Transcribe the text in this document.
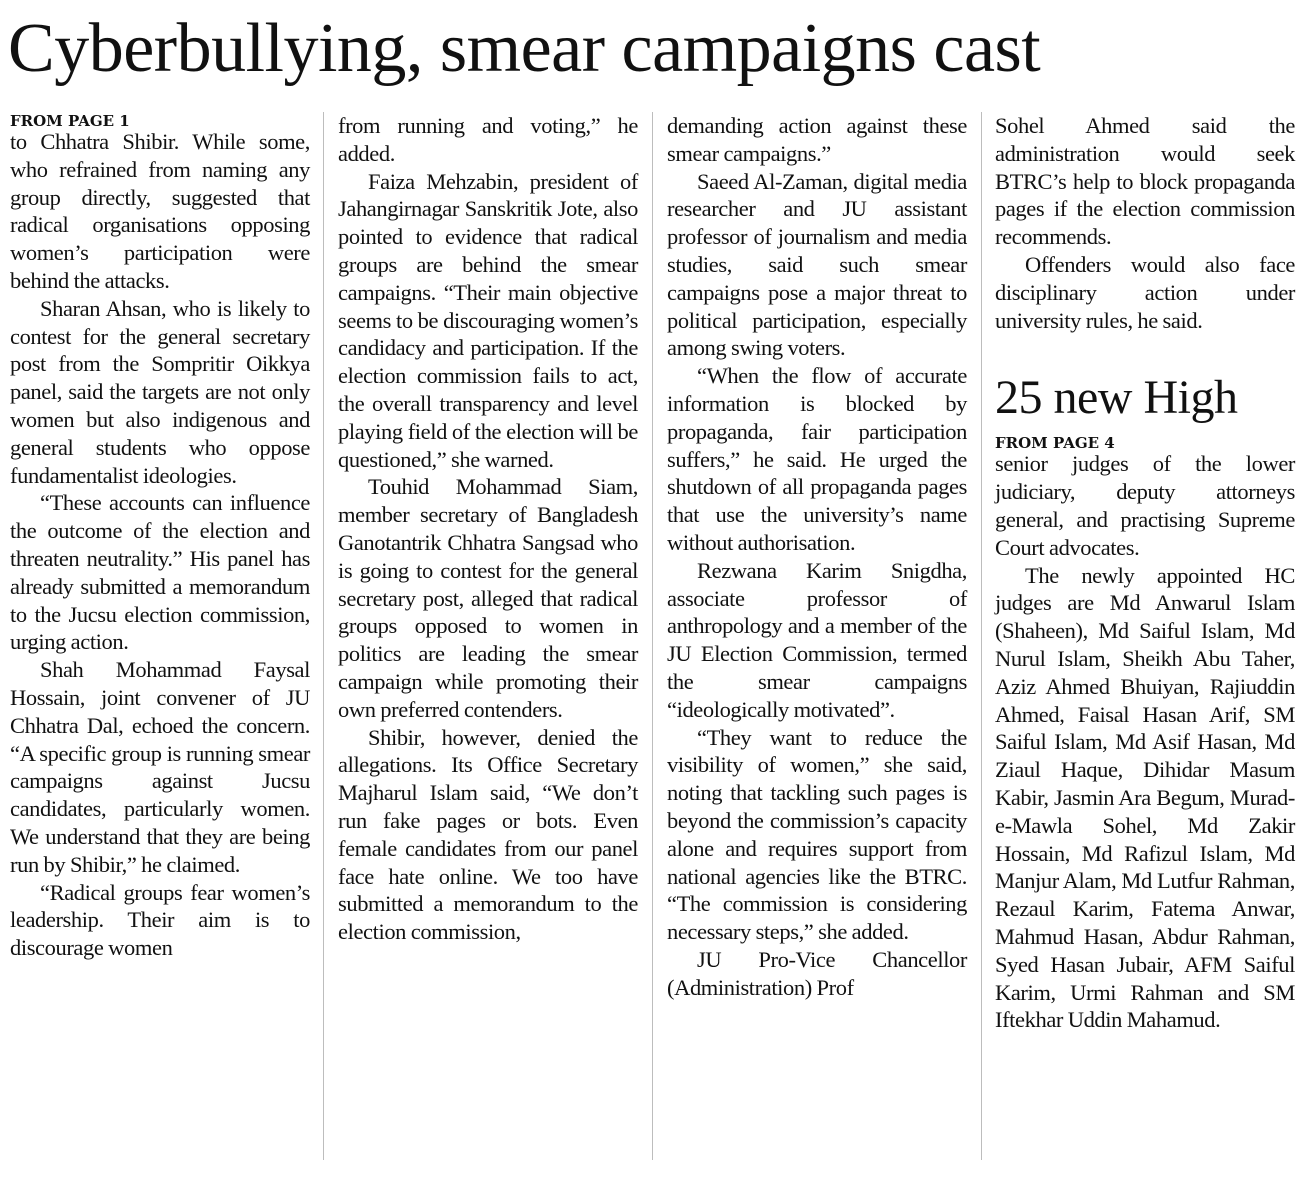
Cyberbullying, smear campaigns cast
FROM PAGE 1

to Chhatra Shibir. While some, who refrained from naming any group directly, suggested that radical organisations opposing women’s participation were behind the attacks.

Sharan Ahsan, who is likely to contest for the general secretary post from the Sompritir Oikkya panel, said the targets are not only women but also indigenous and general students who oppose fundamentalist ideologies.

“These accounts can influence the outcome of the election and threaten neutrality.” His panel has already submitted a memorandum to the Jucsu election commission, urging action.

Shah Mohammad Faysal Hossain, joint convener of JU Chhatra Dal, echoed the concern. “A specific group is running smear campaigns against Jucsu candidates, particularly women. We understand that they are being run by Shibir,” he claimed.

“Radical groups fear women’s leadership. Their aim is to discourage women

from running and voting,” he added.

Faiza Mehzabin, president of Jahangirnagar Sanskritik Jote, also pointed to evidence that radical groups are behind the smear campaigns. “Their main objective seems to be discouraging women’s candidacy and participation. If the election commission fails to act, the overall transparency and level playing field of the election will be questioned,” she warned.

Touhid Mohammad Siam, member secretary of Bangladesh Ganotantrik Chhatra Sangsad who is going to contest for the general secretary post, alleged that radical groups opposed to women in politics are leading the smear campaign while promoting their own preferred contenders.

Shibir, however, denied the allegations. Its Office Secretary Majharul Islam said, “We don’t run fake pages or bots. Even female candidates from our panel face hate online. We too have submitted a memorandum to the election commission,

demanding action against these smear campaigns.”

Saeed Al-Zaman, digital media researcher and JU assistant professor of journalism and media studies, said such smear campaigns pose a major threat to political participation, especially among swing voters.

“When the flow of accurate information is blocked by propaganda, fair participation suffers,” he said. He urged the shutdown of all propaganda pages that use the university’s name without authorisation.

Rezwana Karim Snigdha, associate professor of anthropology and a member of the JU Election Commission, termed the smear campaigns “ideologically motivated”.

“They want to reduce the visibility of women,” she said, noting that tackling such pages is beyond the commission’s capacity alone and requires support from national agencies like the BTRC. “The commission is considering necessary steps,” she added.

JU Pro-Vice Chancellor (Administration) Prof

Sohel Ahmed said the administration would seek BTRC’s help to block propaganda pages if the election commission recommends.

Offenders would also face disciplinary action under university rules, he said.

25 new High
FROM PAGE 4

senior judges of the lower judiciary, deputy attorneys general, and practising Supreme Court advocates.

The newly appointed HC judges are Md Anwarul Islam (Shaheen), Md Saiful Islam, Md Nurul Islam, Sheikh Abu Taher, Aziz Ahmed Bhuiyan, Rajiuddin Ahmed, Faisal Hasan Arif, SM Saiful Islam, Md Asif Hasan, Md Ziaul Haque, Dihidar Masum Kabir, Jasmin Ara Begum, Murad-e-Mawla Sohel, Md Zakir Hossain, Md Rafizul Islam, Md Manjur Alam, Md Lutfur Rahman, Rezaul Karim, Fatema Anwar, Mahmud Hasan, Abdur Rahman, Syed Hasan Jubair, AFM Saiful Karim, Urmi Rahman and SM Iftekhar Uddin Mahamud.
